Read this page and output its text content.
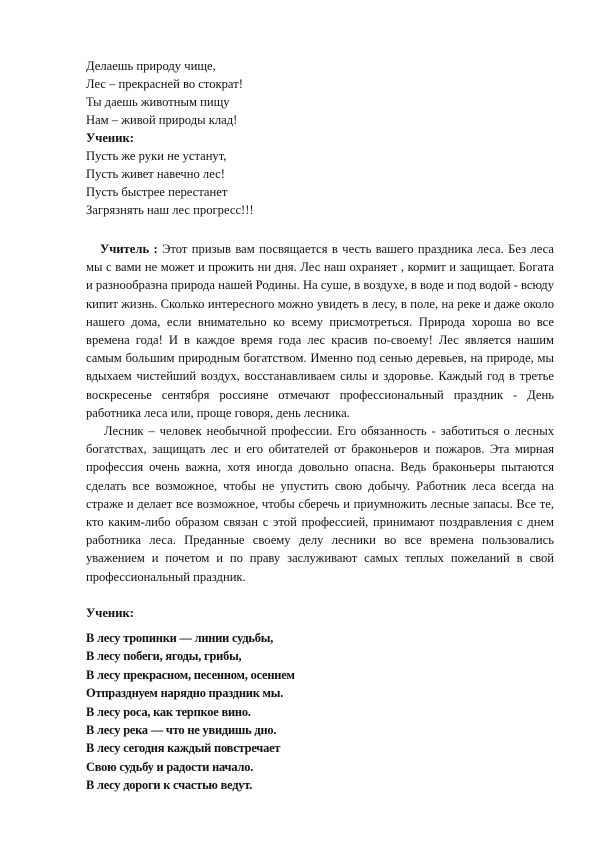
Делаешь природу чище,
Лес – прекрасней во стократ!
Ты даешь животным пищу
Нам – живой природы клад!
Ученик:
Пусть же руки не устанут,
Пусть живет навечно лес!
Пусть быстрее перестанет
Загрязнять наш лес прогресс!!!

Учитель : Этот призыв вам посвящается в честь вашего праздника леса. Без леса мы с вами не может и прожить ни дня. Лес наш охраняет , кормит и защищает. Богата и разнообразна природа нашей Родины. На суше, в воздухе, в воде и под водой - всюду кипит жизнь. Сколько интересного можно увидеть в лесу, в поле, на реке и даже около нашего дома, если внимательно ко всему присмотреться. Природа хороша во все времена года! И в каждое время года лес красив по-своему! Лес является нашим самым большим природным богатством. Именно под сенью деревьев, на природе, мы вдыхаем чистейший воздух, восстанавливаем силы и здоровье. Каждый год в третье воскресенье сентября россияне отмечают профессиональный праздник - День работника леса или, проще говоря, день лесника.

Лесник – человек необычной профессии. Его обязанность - заботиться о лесных богатствах, защищать лес и его обитателей от браконьеров и пожаров. Эта мирная профессия очень важна, хотя иногда довольно опасна. Ведь браконьеры пытаются сделать все возможное, чтобы не упустить свою добычу. Работник леса всегда на страже и делает все возможное, чтобы сберечь и приумножить лесные запасы. Все те, кто каким-либо образом связан с этой профессией, принимают поздравления с днем работника леса. Преданные своему делу лесники во все времена пользовались уважением и почетом и по праву заслуживают самых теплых пожеланий в свой профессиональный праздник.

Ученик:
В лесу тропинки — линии судьбы,
В лесу побеги, ягоды, грибы,
В лесу прекрасном, песенном, осеннем
Отпразднуем нарядно праздник мы.
В лесу роса, как терпкое вино.
В лесу река — что не увидишь дно.
В лесу сегодня каждый повстречает
Свою судьбу и радости начало.
В лесу дороги к счастью ведут.
